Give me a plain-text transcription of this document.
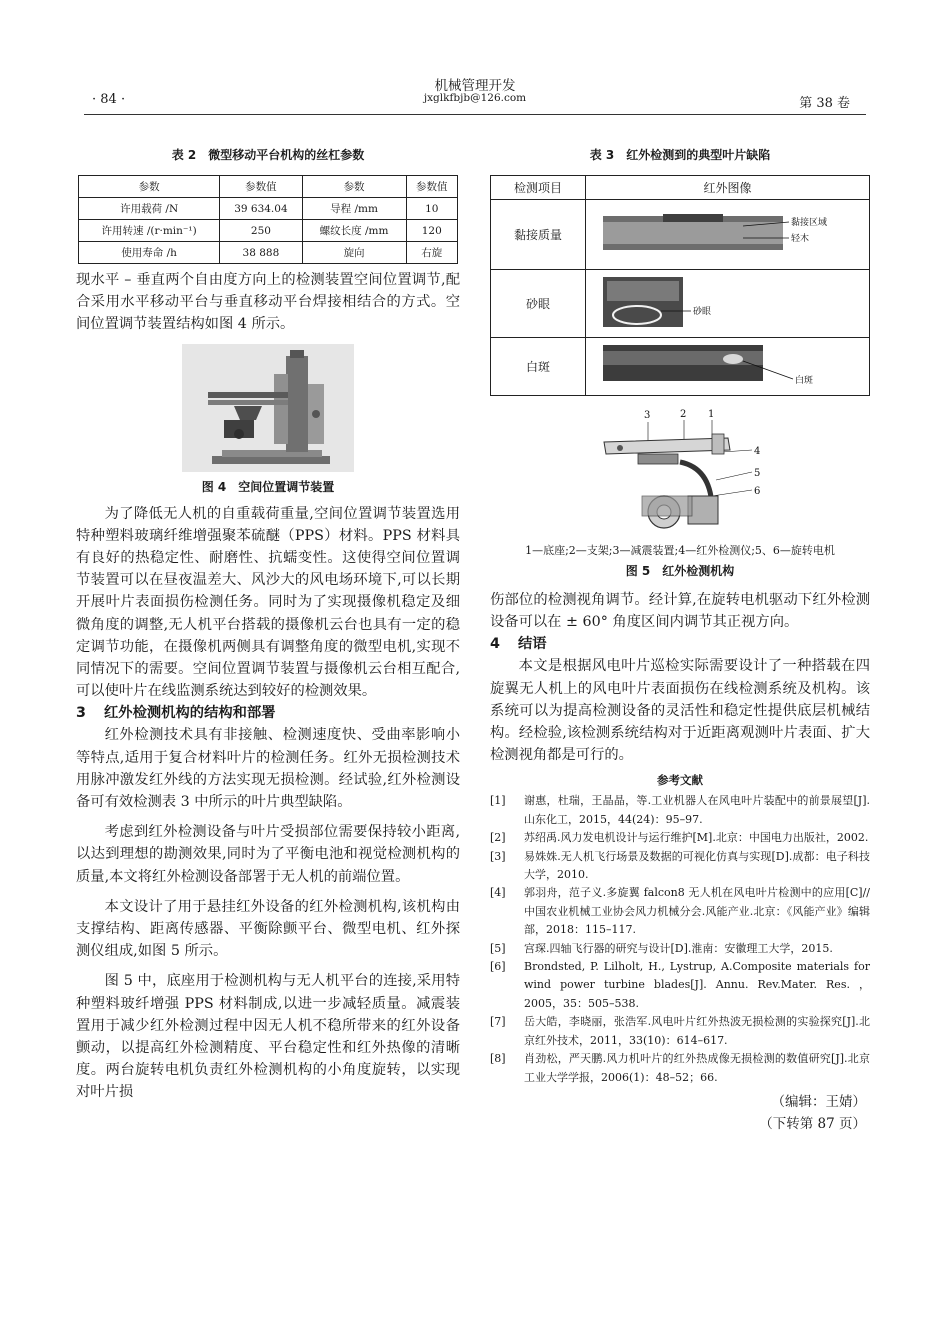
· 84 ·
机械管理开发
jxglkfbjb@126.com	第 38 卷
表 2　微型移动平台机构的丝杠参数
参数	参数值	参数	参数值
许用载荷 /N	39 634.04	导程 /mm	10
许用转速 /(r·min⁻¹)	250	螺纹长度 /mm	120
使用寿命 /h	38 888	旋向	右旋

现水平 – 垂直两个自由度方向上的检测装置空间位置调节,配合采用水平移动平台与垂直移动平台焊接相结合的方式。空间位置调节装置结构如图 4 所示。

图 4　空间位置调节装置

为了降低无人机的自重载荷重量,空间位置调节装置选用特种塑料玻璃纤维增强聚苯硫醚（PPS）材料。PPS 材料具有良好的热稳定性、耐磨性、抗蠕变性。这使得空间位置调节装置可以在昼夜温差大、风沙大的风电场环境下,可以长期开展叶片表面损伤检测任务。同时为了实现摄像机稳定及细微角度的调整,无人机平台搭载的摄像机云台也具有一定的稳定调节功能，在摄像机两侧具有调整角度的微型电机,实现不同情况下的需要。空间位置调节装置与摄像机云台相互配合,可以使叶片在线监测系统达到较好的检测效果。

3 红外检测机构的结构和部署

红外检测技术具有非接触、检测速度快、受曲率影响小等特点,适用于复合材料叶片的检测任务。红外无损检测技术用脉冲激发红外线的方法实现无损检测。经试验,红外检测设备可有效检测表 3 中所示的叶片典型缺陷。

考虑到红外检测设备与叶片受损部位需要保持较小距离,以达到理想的勘测效果,同时为了平衡电池和视觉检测机构的质量,本文将红外检测设备部署于无人机的前端位置。

本文设计了用于悬挂红外设备的红外检测机构,该机构由支撑结构、距离传感器、平衡除颤平台、微型电机、红外探测仪组成,如图 5 所示。

图 5 中，底座用于检测机构与无人机平台的连接,采用特种塑料玻纤增强 PPS 材料制成,以进一步减轻质量。减震装置用于减少红外检测过程中因无人机不稳所带来的红外设备颤动，以提高红外检测精度、平台稳定性和红外热像的清晰度。两台旋转电机负责红外检测机构的小角度旋转，以实现对叶片损

表 3　红外检测到的典型叶片缺陷
检测项目	红外图像
黏接质量	黏接区域
轻木

砂眼	砂眼

白斑	白斑
3	2 1
4
5
6
1—底座;2—支架;3—减震装置;4—红外检测仪;5、6—旋转电机
图 5　红外检测机构

伤部位的检测视角调节。经计算,在旋转电机驱动下红外检测设备可以在 ± 60° 角度区间内调节其正视方向。

4 结语

本文是根据风电叶片巡检实际需要设计了一种搭载在四旋翼无人机上的风电叶片表面损伤在线检测系统及机构。该系统可以为提高检测设备的灵活性和稳定性提供底层机械结构。经检验,该检测系统结构对于近距离观测叶片表面、扩大检测视角都是可行的。

参考文献
[1]	谢惠，杜瑞，王晶晶，等.工业机器人在风电叶片装配中的前景展望[J].山东化工，2015，44(24)：95–97.
[2]	苏绍禹.风力发电机设计与运行维护[M].北京：中国电力出版社，2002.
[3]	易姝姝.无人机飞行场景及数据的可视化仿真与实现[D].成都：电子科技大学，2010.
[4]	郭羽舟，范子义.多旋翼 falcon8 无人机在风电叶片检测中的应用[C]// 中国农业机械工业协会风力机械分会.风能产业.北京：《风能产业》编辑部，2018：115–117.
[5]	宫琛.四轴飞行器的研究与设计[D].淮南：安徽理工大学，2015.
[6]	Brondsted, P. Lilholt, H., Lystrup, A.Composite materials for wind power turbine blades[J]. Annu. Rev.Mater. Res. ，2005，35：505–538.
[7]	岳大皓，李晓丽，张浩军.风电叶片红外热波无损检测的实验探究[J].北京红外技术，2011，33(10)：614–617.
[8]	肖劲松，严天鹏.风力机叶片的红外热成像无损检测的数值研究[J].北京工业大学学报，2006(1)：48–52；66.
（编辑：王婧）
（下转第 87 页）
